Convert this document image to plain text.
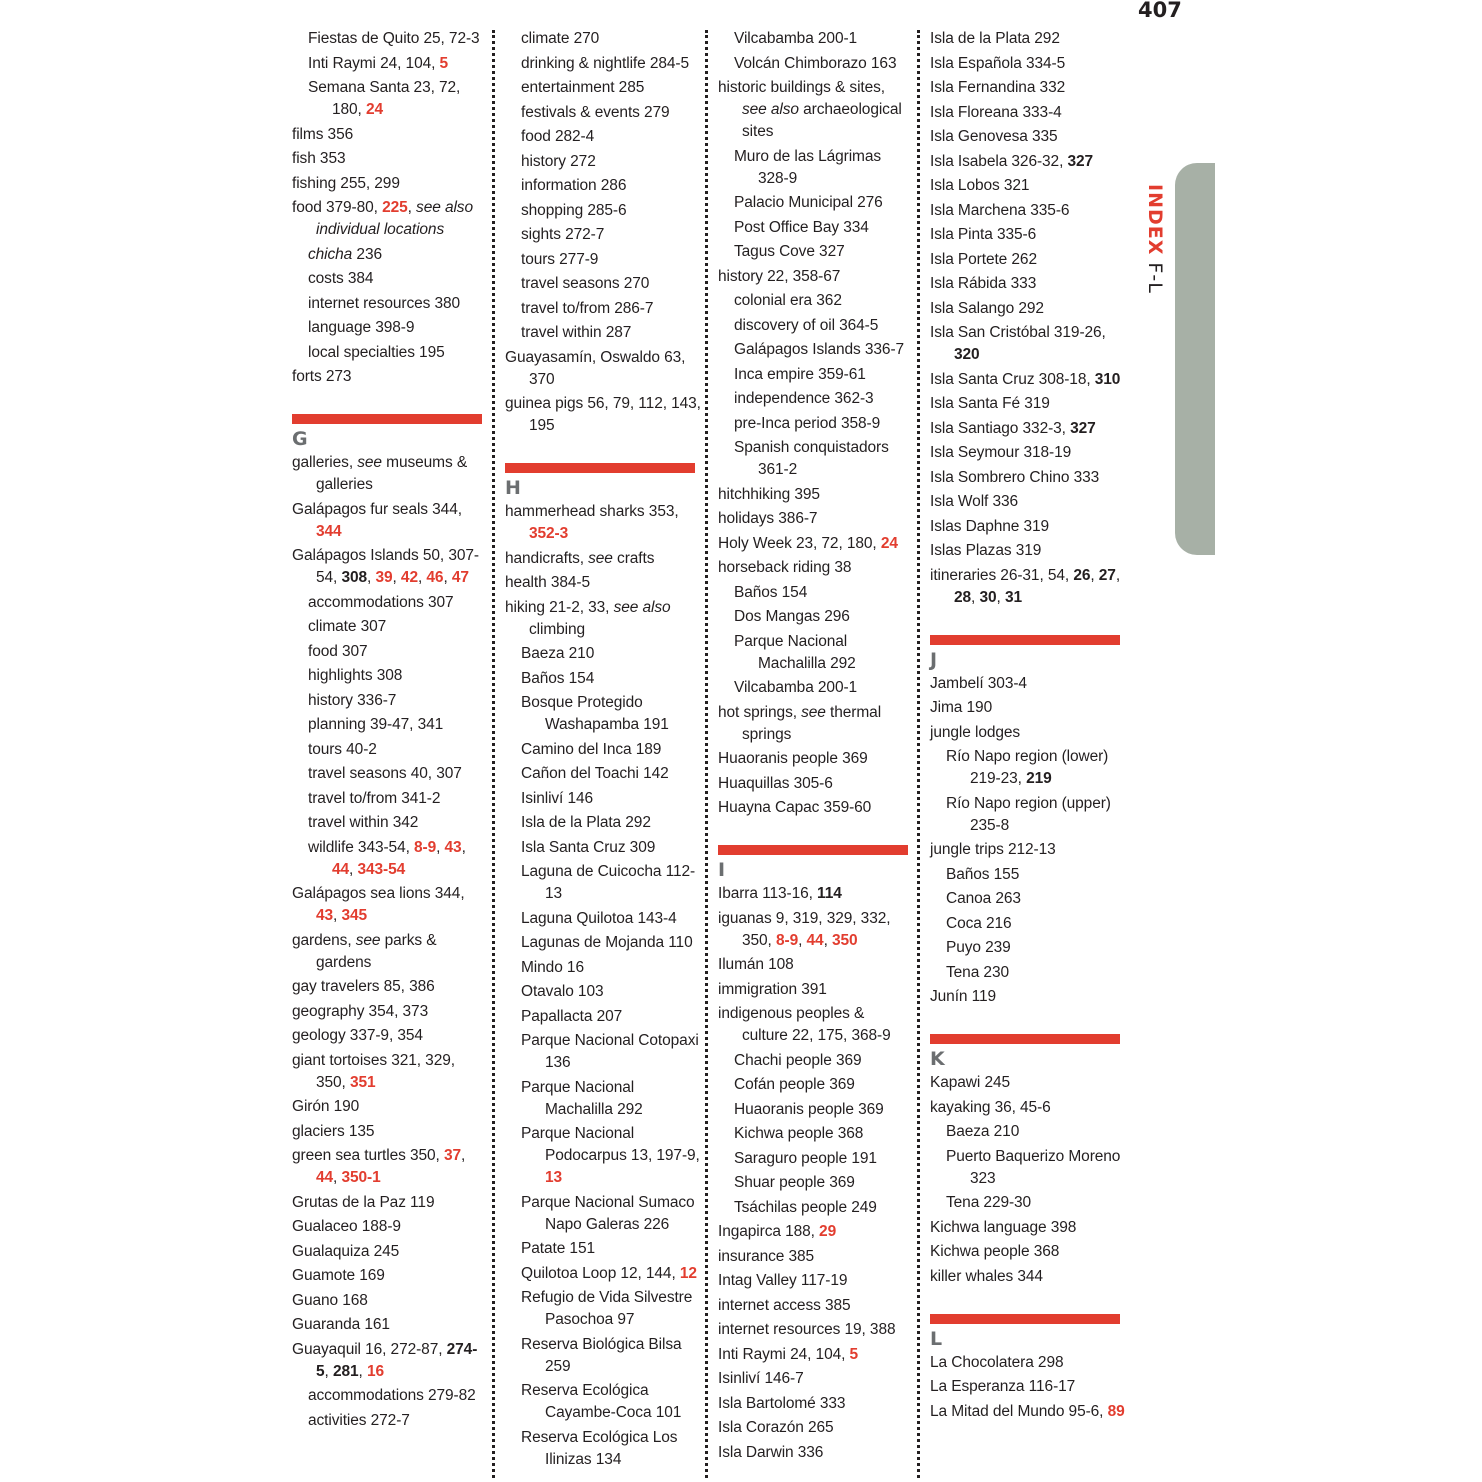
407
INDEX F-L
Fiestas de Quito 25, 72-3
Inti Raymi 24, 104, 5
Semana Santa 23, 72, 180, 24
films 356
fish 353
fishing 255, 299
food 379-80, 225, see also individual locations
chicha 236
costs 384
internet resources 380
language 398-9
local specialties 195
forts 273
G
galleries, see museums & galleries
Galápagos fur seals 344, 344
Galápagos Islands 50, 307-54, 308, 39, 42, 46, 47
accommodations 307
climate 307
food 307
highlights 308
history 336-7
planning 39-47, 341
tours 40-2
travel seasons 40, 307
travel to/from 341-2
travel within 342
wildlife 343-54, 8-9, 43, 44, 343-54
Galápagos sea lions 344, 43, 345
gardens, see parks & gardens
gay travelers 85, 386
geography 354, 373
geology 337-9, 354
giant tortoises 321, 329, 350, 351
Girón 190
glaciers 135
green sea turtles 350, 37, 44, 350-1
Grutas de la Paz 119
Gualaceo 188-9
Gualaquiza 245
Guamote 169
Guano 168
Guaranda 161
Guayaquil 16, 272-87, 274-5, 281, 16
accommodations 279-82
activities 272-7
climate 270
drinking & nightlife 284-5
entertainment 285
festivals & events 279
food 282-4
history 272
information 286
shopping 285-6
sights 272-7
tours 277-9
travel seasons 270
travel to/from 286-7
travel within 287
Guayasamín, Oswaldo 63, 370
guinea pigs 56, 79, 112, 143, 195
H
hammerhead sharks 353, 352-3
handicrafts, see crafts
health 384-5
hiking 21-2, 33, see also climbing
Baeza 210
Baños 154
Bosque Protegido Washapamba 191
Camino del Inca 189
Cañon del Toachi 142
Isinliví 146
Isla de la Plata 292
Isla Santa Cruz 309
Laguna de Cuicocha 112-13
Laguna Quilotoa 143-4
Lagunas de Mojanda 110
Mindo 16
Otavalo 103
Papallacta 207
Parque Nacional Cotopaxi 136
Parque Nacional Machalilla 292
Parque Nacional Podocarpus 13, 197-9, 13
Parque Nacional Sumaco Napo Galeras 226
Patate 151
Quilotoa Loop 12, 144, 12
Refugio de Vida Silvestre Pasochoa 97
Reserva Biológica Bilsa 259
Reserva Ecológica Cayambe-Coca 101
Reserva Ecológica Los Ilinizas 134
Vilcabamba 200-1
Volcán Chimborazo 163
historic buildings & sites, see also archaeological sites
Muro de las Lágrimas 328-9
Palacio Municipal 276
Post Office Bay 334
Tagus Cove 327
history 22, 358-67
colonial era 362
discovery of oil 364-5
Galápagos Islands 336-7
Inca empire 359-61
independence 362-3
pre-Inca period 358-9
Spanish conquistadors 361-2
hitchhiking 395
holidays 386-7
Holy Week 23, 72, 180, 24
horseback riding 38
Baños 154
Dos Mangas 296
Parque Nacional Machalilla 292
Vilcabamba 200-1
hot springs, see thermal springs
Huaoranis people 369
Huaquillas 305-6
Huayna Capac 359-60
I
Ibarra 113-16, 114
iguanas 9, 319, 329, 332, 350, 8-9, 44, 350
Ilumán 108
immigration 391
indigenous peoples & culture 22, 175, 368-9
Chachi people 369
Cofán people 369
Huaoranis people 369
Kichwa people 368
Saraguro people 191
Shuar people 369
Tsáchilas people 249
Ingapirca 188, 29
insurance 385
Intag Valley 117-19
internet access 385
internet resources 19, 388
Inti Raymi 24, 104, 5
Isinliví 146-7
Isla Bartolomé 333
Isla Corazón 265
Isla Darwin 336
Isla de la Plata 292
Isla Española 334-5
Isla Fernandina 332
Isla Floreana 333-4
Isla Genovesa 335
Isla Isabela 326-32, 327
Isla Lobos 321
Isla Marchena 335-6
Isla Pinta 335-6
Isla Portete 262
Isla Rábida 333
Isla Salango 292
Isla San Cristóbal 319-26, 320
Isla Santa Cruz 308-18, 310
Isla Santa Fé 319
Isla Santiago 332-3, 327
Isla Seymour 318-19
Isla Sombrero Chino 333
Isla Wolf 336
Islas Daphne 319
Islas Plazas 319
itineraries 26-31, 54, 26, 27, 28, 30, 31
J
Jambelí 303-4
Jima 190
jungle lodges
Río Napo region (lower) 219-23, 219
Río Napo region (upper) 235-8
jungle trips 212-13
Baños 155
Canoa 263
Coca 216
Puyo 239
Tena 230
Junín 119
K
Kapawi 245
kayaking 36, 45-6
Baeza 210
Puerto Baquerizo Moreno 323
Tena 229-30
Kichwa language 398
Kichwa people 368
killer whales 344
L
La Chocolatera 298
La Esperanza 116-17
La Mitad del Mundo 95-6, 89
